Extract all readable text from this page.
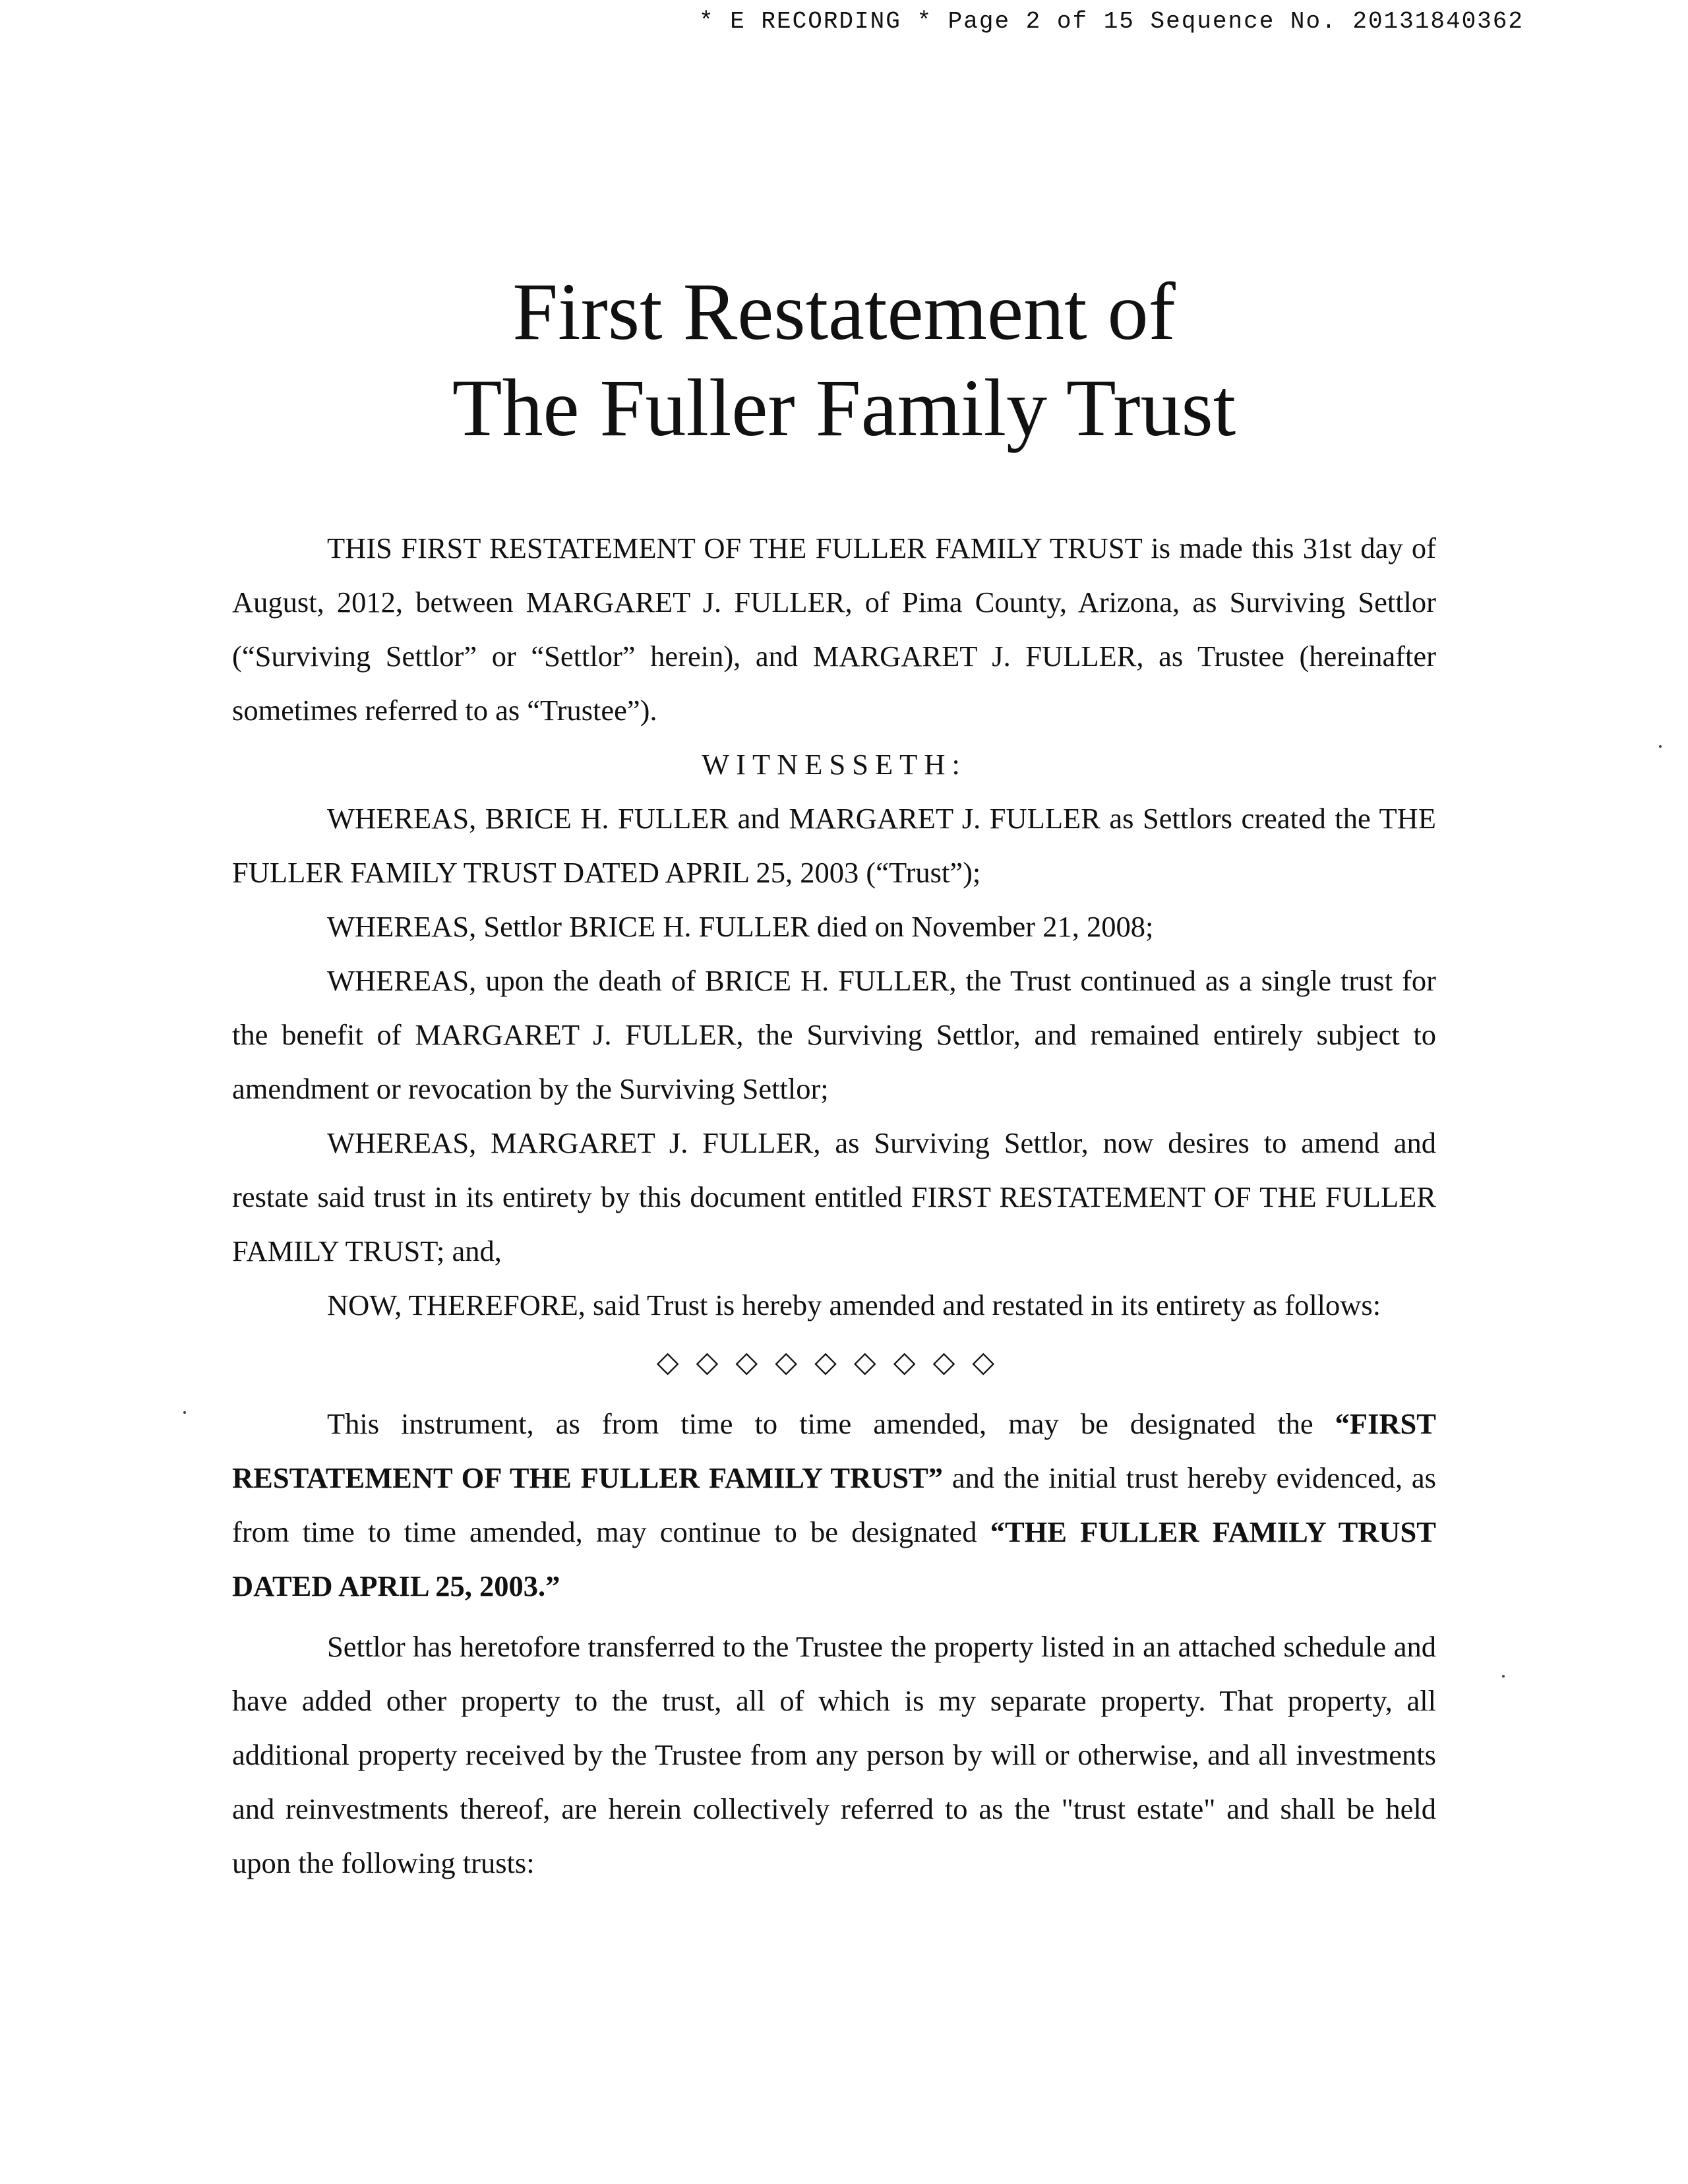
* E RECORDING * Page 2 of 15 Sequence No. 20131840362
First Restatement of
The Fuller Family Trust

THIS FIRST RESTATEMENT OF THE FULLER FAMILY TRUST is made this 31st day of August, 2012, between MARGARET J. FULLER, of Pima County, Arizona, as Surviving Settlor (“Surviving Settlor” or “Settlor” herein), and MARGARET J. FULLER, as Trustee (hereinafter sometimes referred to as “Trustee”).

WITNESSETH:

WHEREAS, BRICE H. FULLER and MARGARET J. FULLER as Settlors created the THE FULLER FAMILY TRUST DATED APRIL 25, 2003 (“Trust”);

WHEREAS, Settlor BRICE H. FULLER died on November 21, 2008;

WHEREAS, upon the death of BRICE H. FULLER, the Trust continued as a single trust for the benefit of MARGARET J. FULLER, the Surviving Settlor, and remained entirely subject to amendment or revocation by the Surviving Settlor;

WHEREAS, MARGARET J. FULLER, as Surviving Settlor, now desires to amend and restate said trust in its entirety by this document entitled FIRST RESTATEMENT OF THE FULLER FAMILY TRUST; and,

NOW, THEREFORE, said Trust is hereby amended and restated in its entirety as follows:

◇◇◇◇◇◇◇◇◇

This instrument, as from time to time amended, may be designated the “FIRST RESTATEMENT OF THE FULLER FAMILY TRUST” and the initial trust hereby evidenced, as from time to time amended, may continue to be designated “THE FULLER FAMILY TRUST DATED APRIL 25, 2003.”

Settlor has heretofore transferred to the Trustee the property listed in an attached schedule and have added other property to the trust, all of which is my separate property. That property, all additional property received by the Trustee from any person by will or otherwise, and all investments and reinvestments thereof, are herein collectively referred to as the "trust estate" and shall be held upon the following trusts:
